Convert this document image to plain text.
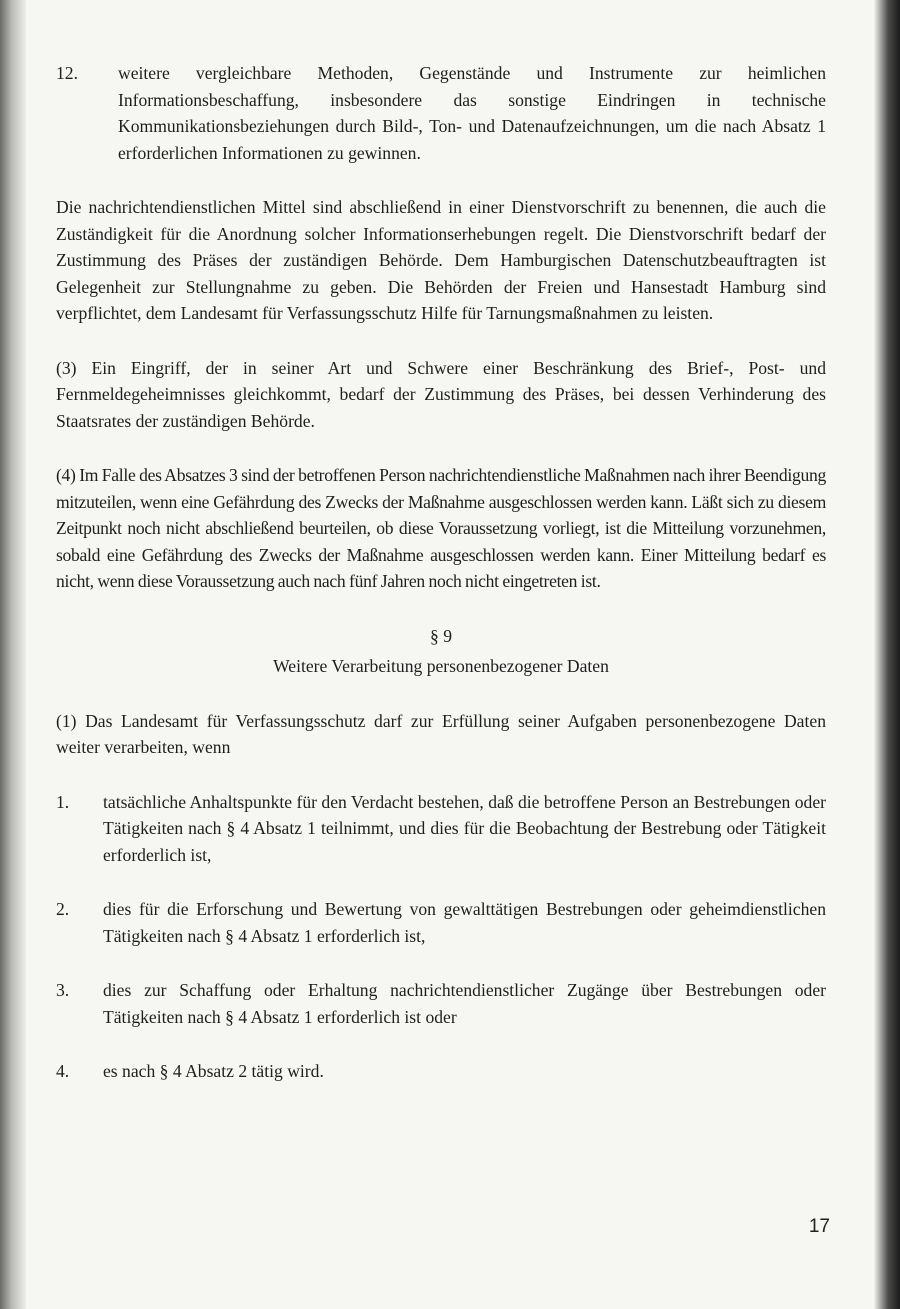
12.	weitere vergleichbare Methoden, Gegenstände und Instrumente zur heimlichen Informationsbeschaffung, insbesondere das sonstige Eindringen in technische Kommunikationsbeziehungen durch Bild-, Ton- und Datenaufzeichnungen, um die nach Absatz 1 erforderlichen Informationen zu gewinnen.

Die nachrichtendienstlichen Mittel sind abschließend in einer Dienstvorschrift zu benennen, die auch die Zuständigkeit für die Anordnung solcher Informationserhebungen regelt. Die Dienstvorschrift bedarf der Zustimmung des Präses der zuständigen Behörde. Dem Hamburgischen Datenschutzbeauftragten ist Gelegenheit zur Stellungnahme zu geben. Die Behörden der Freien und Hansestadt Hamburg sind verpflichtet, dem Landesamt für Verfassungsschutz Hilfe für Tarnungsmaßnahmen zu leisten.

(3) Ein Eingriff, der in seiner Art und Schwere einer Beschränkung des Brief-, Post- und Fernmeldegeheimnisses gleichkommt, bedarf der Zustimmung des Präses, bei dessen Verhinderung des Staatsrates der zuständigen Behörde.

(4) Im Falle des Absatzes 3 sind der betroffenen Person nachrichtendienstliche Maßnahmen nach ihrer Beendigung mitzuteilen, wenn eine Gefährdung des Zwecks der Maßnahme ausgeschlossen werden kann. Läßt sich zu diesem Zeitpunkt noch nicht abschließend beurteilen, ob diese Voraussetzung vorliegt, ist die Mitteilung vorzunehmen, sobald eine Gefährdung des Zwecks der Maßnahme ausgeschlossen werden kann. Einer Mitteilung bedarf es nicht, wenn diese Voraussetzung auch nach fünf Jahren noch nicht eingetreten ist.

§ 9
Weitere Verarbeitung personenbezogener Daten

(1) Das Landesamt für Verfassungsschutz darf zur Erfüllung seiner Aufgaben personenbezogene Daten weiter verarbeiten, wenn

1.	tatsächliche Anhaltspunkte für den Verdacht bestehen, daß die betroffene Person an Bestrebungen oder Tätigkeiten nach § 4 Absatz 1 teilnimmt, und dies für die Beobachtung der Bestrebung oder Tätigkeit erforderlich ist,
2.	dies für die Erforschung und Bewertung von gewalttätigen Bestrebungen oder geheimdienstlichen Tätigkeiten nach § 4 Absatz 1 erforderlich ist,
3.	dies zur Schaffung oder Erhaltung nachrichtendienstlicher Zugänge über Bestrebungen oder Tätigkeiten nach § 4 Absatz 1 erforderlich ist oder
4.	es nach § 4 Absatz 2 tätig wird.
17
